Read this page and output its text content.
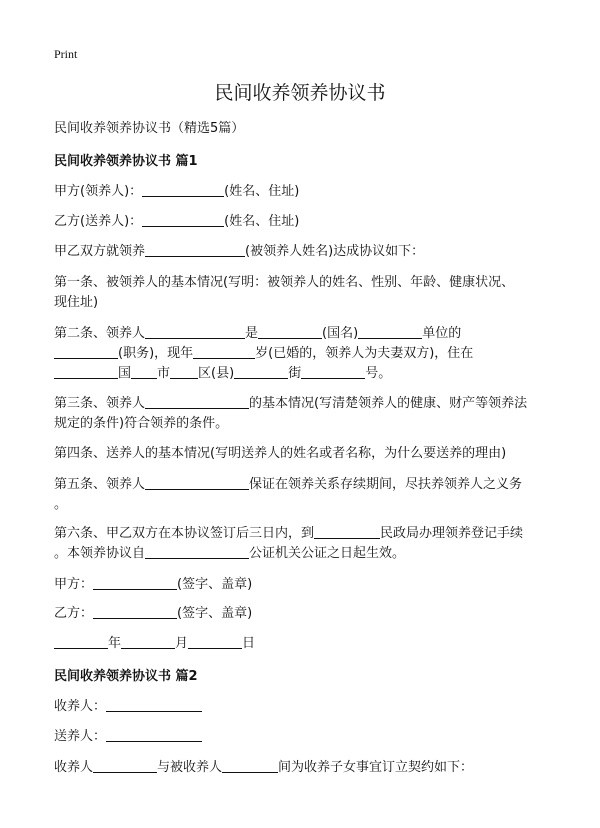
Print
民间收养领养协议书
民间收养领养协议书（精选5篇）
民间收养领养协议书 篇1
甲方(领养人)：	(姓名、住址)
乙方(送养人)：	(姓名、住址)
甲乙双方就领养	(被领养人姓名)达成协议如下：
第一条、被领养人的基本情况(写明：被领养人的姓名、性别、年龄、健康状况、
现住址)
第二条、领养人	是	(国名)	单位的
(职务)，现年	岁(已婚的，领养人为夫妻双方)，住在
国 市 区(县)	街	号。
第三条、领养人	的基本情况(写清楚领养人的健康、财产等领养法
规定的条件)符合领养的条件。
第四条、送养人的基本情况(写明送养人的姓名或者名称，为什么要送养的理由)
第五条、领养人	保证在领养关系存续期间，尽扶养领养人之义务
。
第六条、甲乙双方在本协议签订后三日内，到	民政局办理领养登记手续
。本领养协议自	公证机关公证之日起生效。
甲方：	(签字、盖章)
乙方：	(签字、盖章)
年	月	日
民间收养领养协议书 篇2
收养人：
送养人：
收养人	与被收养人	间为收养子女事宜订立契约如下：
